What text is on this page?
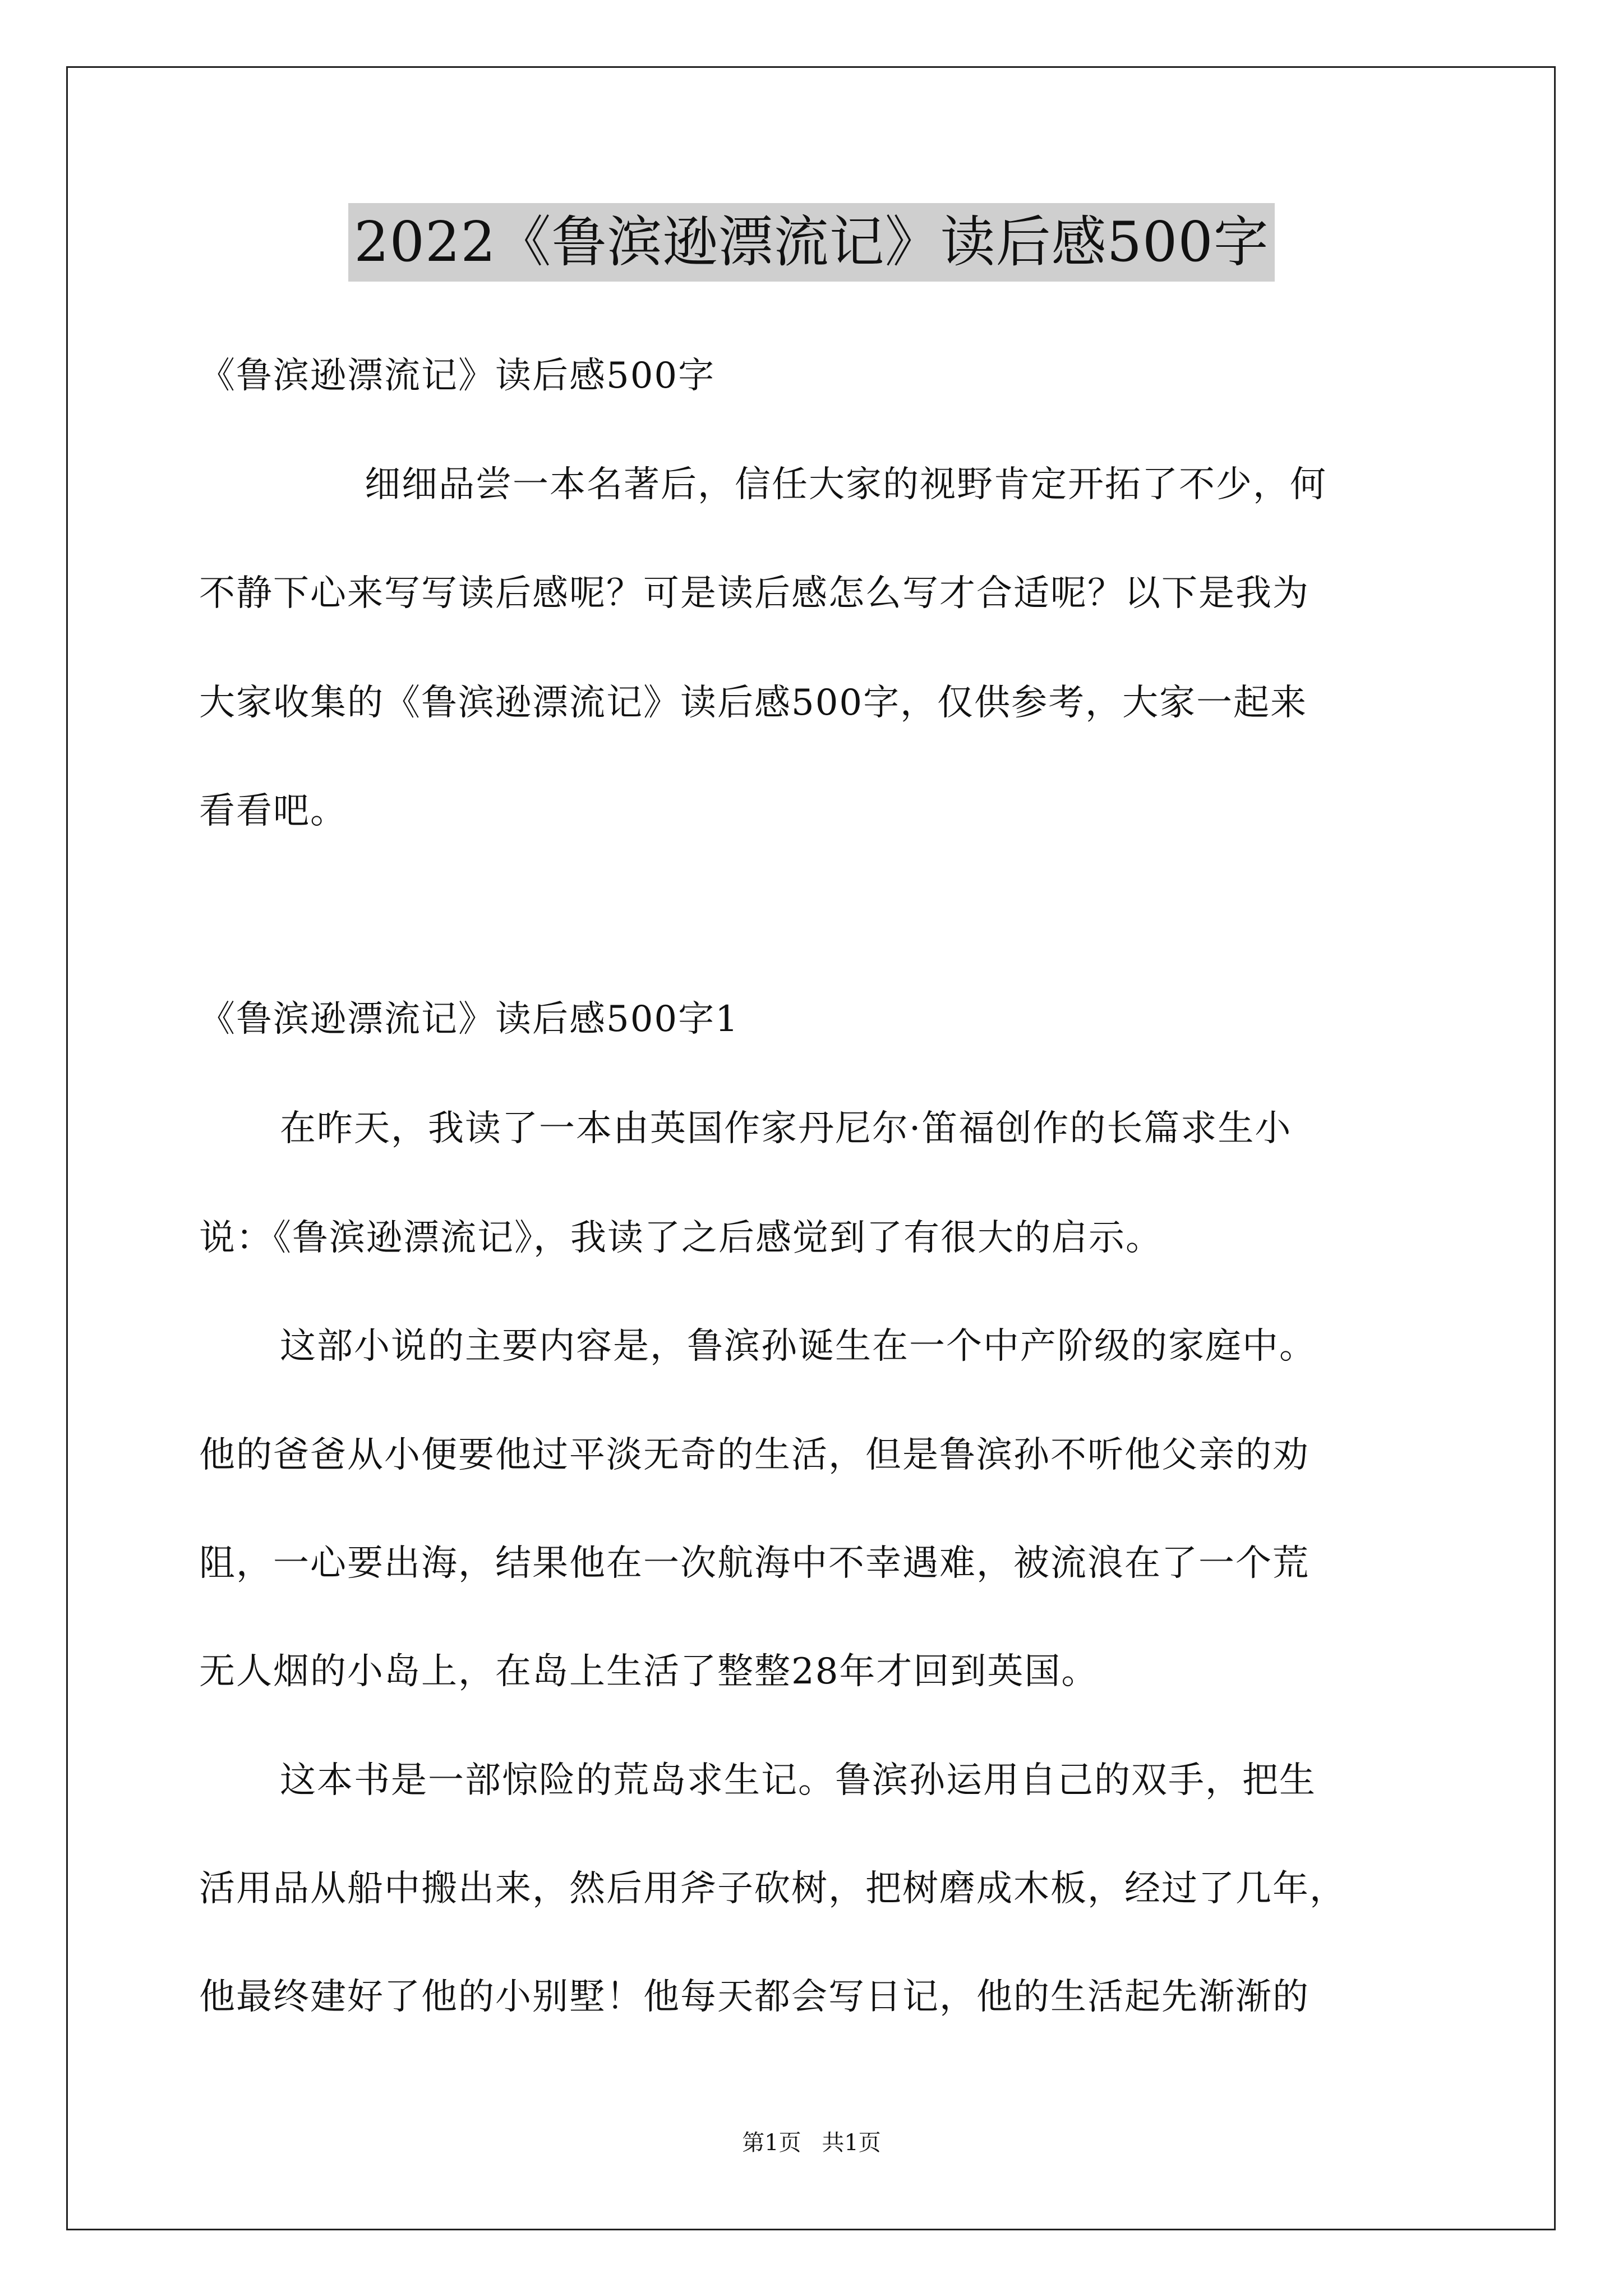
2022《鲁滨逊漂流记》读后感500字
《鲁滨逊漂流记》读后感500字
细细品尝一本名著后，信任大家的视野肯定开拓了不少，何
不静下心来写写读后感呢？可是读后感怎么写才合适呢？以下是我为
大家收集的《鲁滨逊漂流记》读后感500字，仅供参考，大家一起来
看看吧。
《鲁滨逊漂流记》读后感500字1
在昨天，我读了一本由英国作家丹尼尔·笛福创作的长篇求生小
说：《鲁滨逊漂流记》，我读了之后感觉到了有很大的启示。
这部小说的主要内容是，鲁滨孙诞生在一个中产阶级的家庭中。
他的爸爸从小便要他过平淡无奇的生活，但是鲁滨孙不听他父亲的劝
阻，一心要出海，结果他在一次航海中不幸遇难，被流浪在了一个荒
无人烟的小岛上，在岛上生活了整整28年才回到英国。
这本书是一部惊险的荒岛求生记。鲁滨孙运用自己的双手，把生
活用品从船中搬出来，然后用斧子砍树，把树磨成木板，经过了几年，
他最终建好了他的小别墅！他每天都会写日记，他的生活起先渐渐的
第1页 共1页
